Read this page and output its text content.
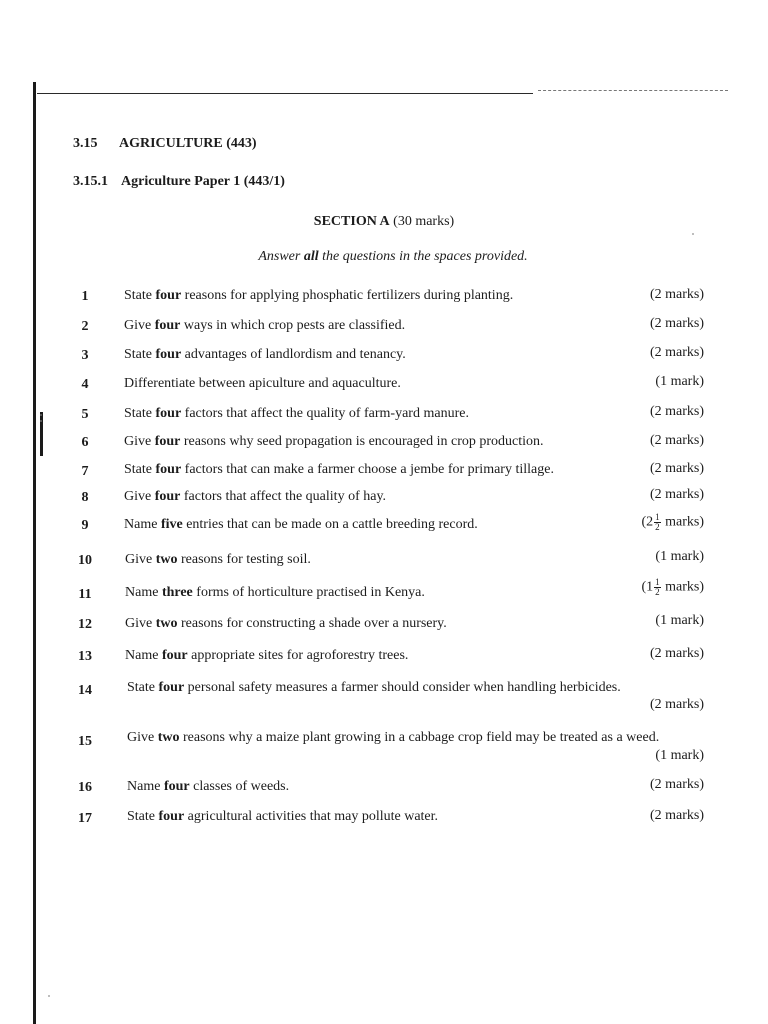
3.15 AGRICULTURE (443)
3.15.1 Agriculture Paper 1 (443/1)
SECTION A (30 marks)
Answer all the questions in the spaces provided.
1	State four reasons for applying phosphatic fertilizers during planting.	(2 marks)
2	Give four ways in which crop pests are classified.	(2 marks)
3	State four advantages of landlordism and tenancy.	(2 marks)
4	Differentiate between apiculture and aquaculture.	(1 mark)
5	State four factors that affect the quality of farm-yard manure.	(2 marks)
6	Give four reasons why seed propagation is encouraged in crop production.	(2 marks)
7	State four factors that can make a farmer choose a jembe for primary tillage.	(2 marks)
8	Give four factors that affect the quality of hay.	(2 marks)
9	Name five entries that can be made on a cattle breeding record.	($2 \frac{1}{2}$ marks)
10	Give two reasons for testing soil.	(1 mark)
11	Name three forms of horticulture practised in Kenya.	($1 \frac{1}{2}$ marks)
12	Give two reasons for constructing a shade over a nursery.	(1 mark)
13	Name four appropriate sites for agroforestry trees.	(2 marks)
14	State four personal safety measures a farmer should consider when handling herbicides.
(2 marks)
15	Give two reasons why a maize plant growing in a cabbage crop field may be treated as a weed.
(1 mark)
16	Name four classes of weeds.	(2 marks)
17	State four agricultural activities that may pollute water.	(2 marks)
